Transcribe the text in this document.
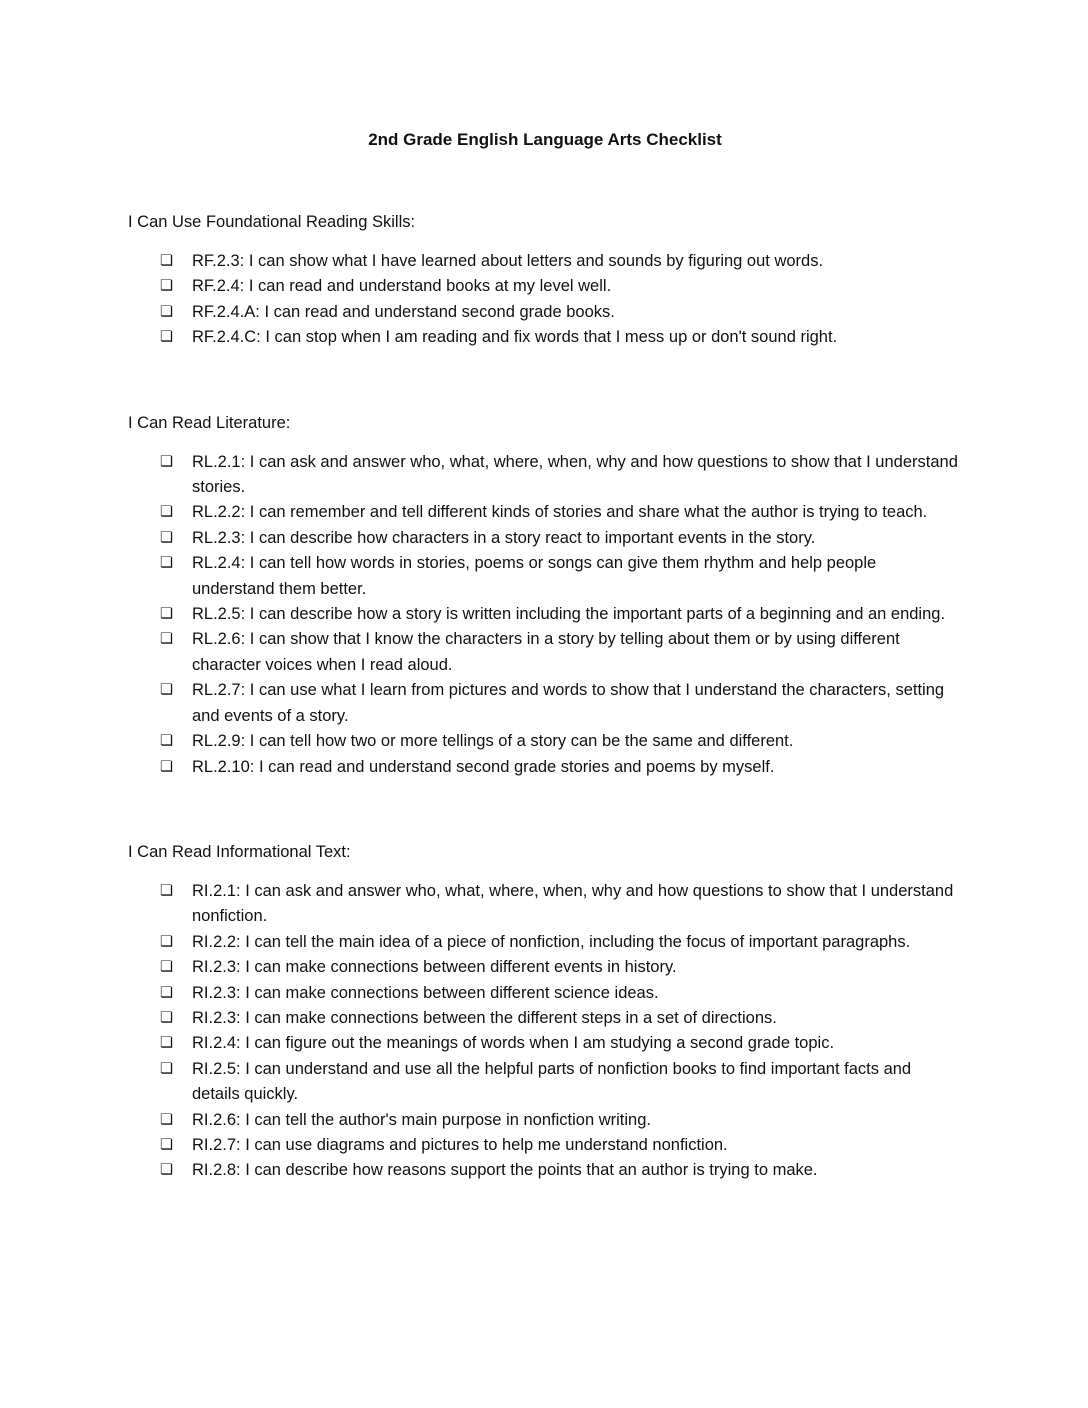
2nd Grade English Language Arts Checklist

I Can Use Foundational Reading Skills:

❏	RF.2.3: I can show what I have learned about letters and sounds by figuring out words.
❏	RF.2.4: I can read and understand books at my level well.
❏	RF.2.4.A: I can read and understand second grade books.
❏	RF.2.4.C: I can stop when I am reading and fix words that I mess up or don't sound right.

I Can Read Literature:

❏	RL.2.1: I can ask and answer who, what, where, when, why and how questions to show that I understand stories.
❏	RL.2.2: I can remember and tell different kinds of stories and share what the author is trying to teach.
❏	RL.2.3: I can describe how characters in a story react to important events in the story.
❏	RL.2.4: I can tell how words in stories, poems or songs can give them rhythm and help people understand them better.
❏	RL.2.5: I can describe how a story is written including the important parts of a beginning and an ending.
❏	RL.2.6: I can show that I know the characters in a story by telling about them or by using different character voices when I read aloud.
❏	RL.2.7: I can use what I learn from pictures and words to show that I understand the characters, setting and events of a story.
❏	RL.2.9: I can tell how two or more tellings of a story can be the same and different.
❏	RL.2.10: I can read and understand second grade stories and poems by myself.

I Can Read Informational Text:

❏	RI.2.1: I can ask and answer who, what, where, when, why and how questions to show that I understand nonfiction.
❏	RI.2.2: I can tell the main idea of a piece of nonfiction, including the focus of important paragraphs.
❏	RI.2.3: I can make connections between different events in history.
❏	RI.2.3: I can make connections between different science ideas.
❏	RI.2.3: I can make connections between the different steps in a set of directions.
❏	RI.2.4: I can figure out the meanings of words when I am studying a second grade topic.
❏	RI.2.5: I can understand and use all the helpful parts of nonfiction books to find important facts and details quickly.
❏	RI.2.6: I can tell the author's main purpose in nonfiction writing.
❏	RI.2.7: I can use diagrams and pictures to help me understand nonfiction.
❏	RI.2.8: I can describe how reasons support the points that an author is trying to make.
